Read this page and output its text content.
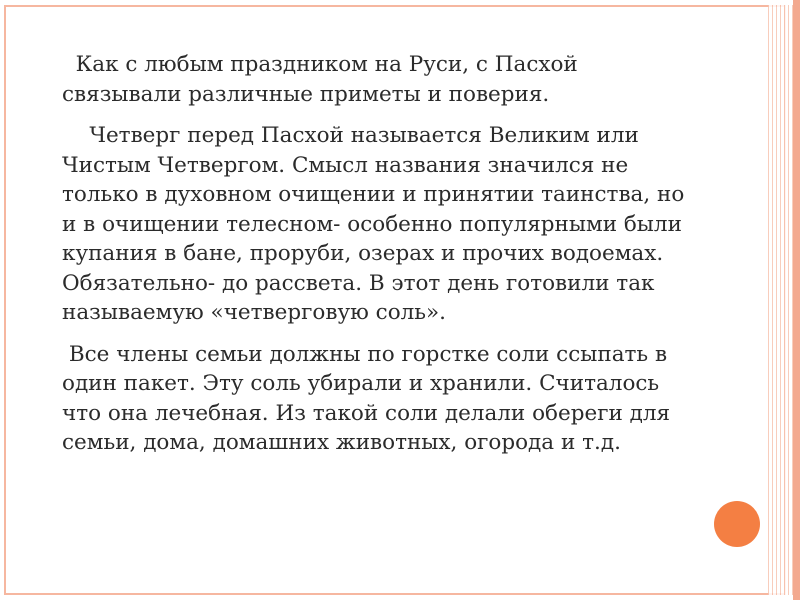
Как с любым праздником на Руси, с Пасхой связывали различные приметы и поверия.

Четверг перед Пасхой называется Великим или Чистым Четвергом. Смысл названия значился не только в духовном очищении и принятии таинства, но и в очищении телесном- особенно популярными были купания в бане, проруби, озерах и прочих водоемах. Обязательно- до рассвета. В этот день готовили так называемую «четверговую соль».

Все члены семьи должны по горстке соли ссыпать в один пакет. Эту соль убирали и хранили. Считалось что она лечебная. Из такой соли делали обереги для семьи, дома, домашних животных, огорода и т.д.
